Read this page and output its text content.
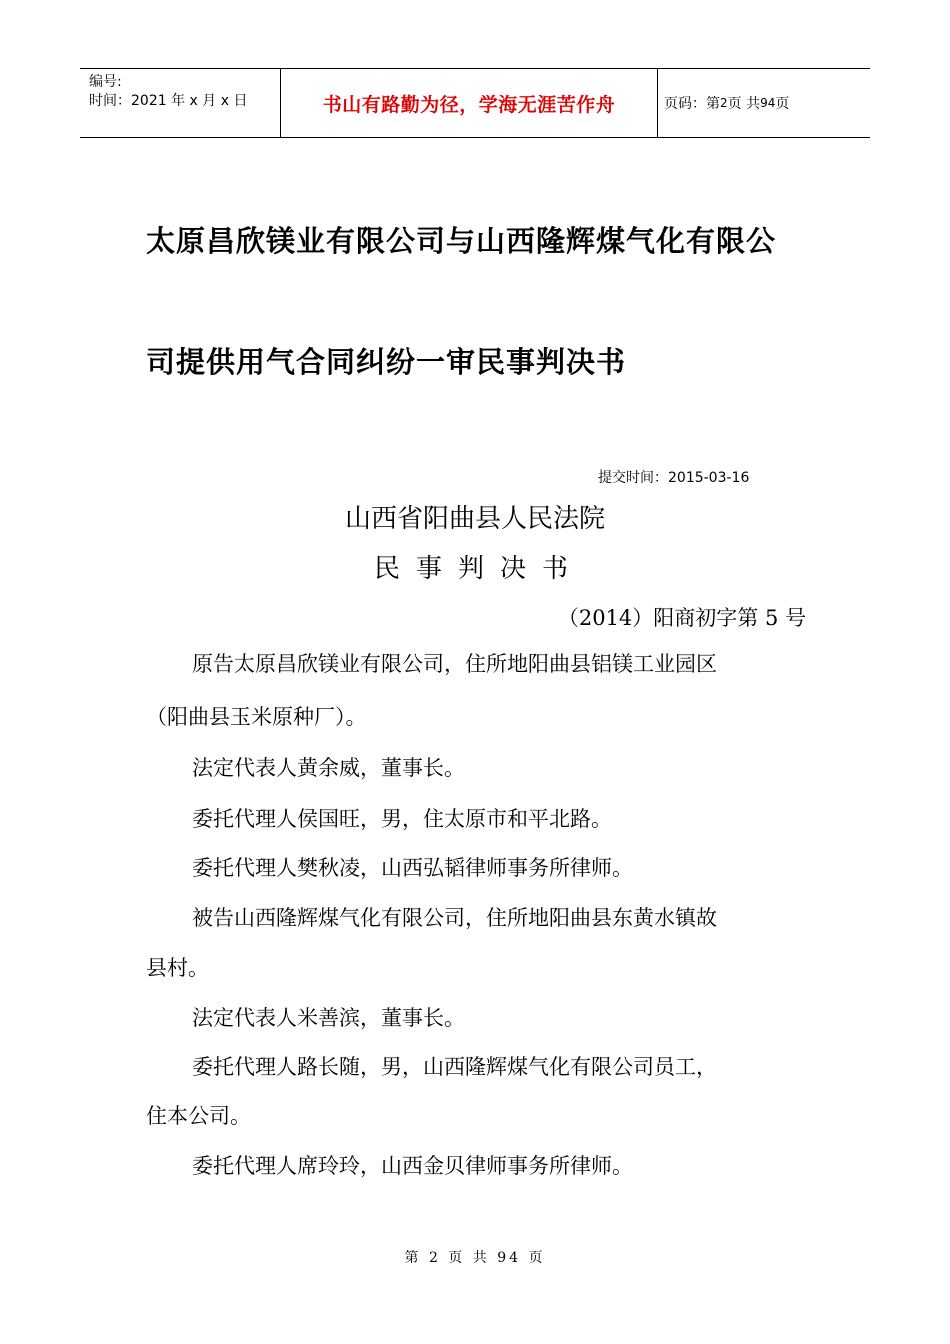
编号:
时间：2021 年 x 月 x 日	书山有路勤为径，学海无涯苦作舟	页码：第 2 页 共 94 页
太原昌欣镁业有限公司与山西隆辉煤气化有限公
司提供用气合同纠纷一审民事判决书
提交时间：2015-03-16
山西省阳曲县人民法院
民事判决书
（2014）阳商初字第 5 号
原告太原昌欣镁业有限公司，住所地阳曲县铝镁工业园区
（阳曲县玉米原种厂）。
法定代表人黄余威，董事长。
委托代理人侯国旺，男，住太原市和平北路。
委托代理人樊秋凌，山西弘韬律师事务所律师。
被告山西隆辉煤气化有限公司，住所地阳曲县东黄水镇故
县村。
法定代表人米善滨，董事长。
委托代理人路长随，男，山西隆辉煤气化有限公司员工，
住本公司。
委托代理人席玲玲，山西金贝律师事务所律师。
第 2 页 共 94 页
